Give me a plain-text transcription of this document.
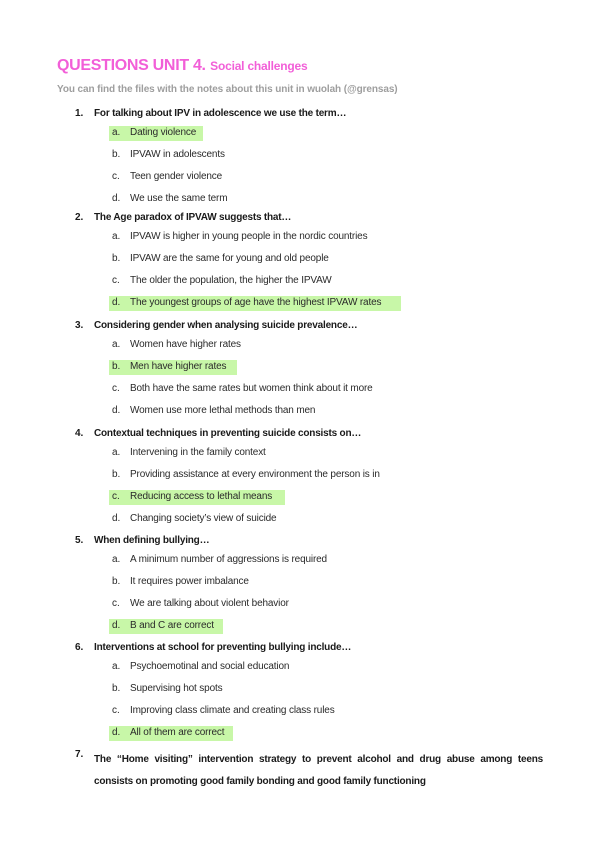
QUESTIONS UNIT 4. Social challenges
You can find the files with the notes about this unit in wuolah (@grensas)
1. For talking about IPV in adolescence we use the term…
a. Dating violence
b. IPVAW in adolescents
c. Teen gender violence
d. We use the same term
2. The Age paradox of IPVAW suggests that…
a. IPVAW is higher in young people in the nordic countries
b. IPVAW are the same for young and old people
c. The older the population, the higher the IPVAW
d. The youngest groups of age have the highest IPVAW rates
3. Considering gender when analysing suicide prevalence…
a. Women have higher rates
b. Men have higher rates
c. Both have the same rates but women think about it more
d. Women use more lethal methods than men
4. Contextual techniques in preventing suicide consists on…
a. Intervening in the family context
b. Providing assistance at every environment the person is in
c. Reducing access to lethal means
d. Changing society’s view of suicide
5. When defining bullying…
a. A minimum number of aggressions is required
b. It requires power imbalance
c. We are talking about violent behavior
d. B and C are correct
6. Interventions at school for preventing bullying include…
a. Psychoemotinal and social education
b. Supervising hot spots
c. Improving class climate and creating class rules
d. All of them are correct
7. The “Home visiting” intervention strategy to prevent alcohol and drug abuse among teens consists on promoting good family bonding and good family functioning
